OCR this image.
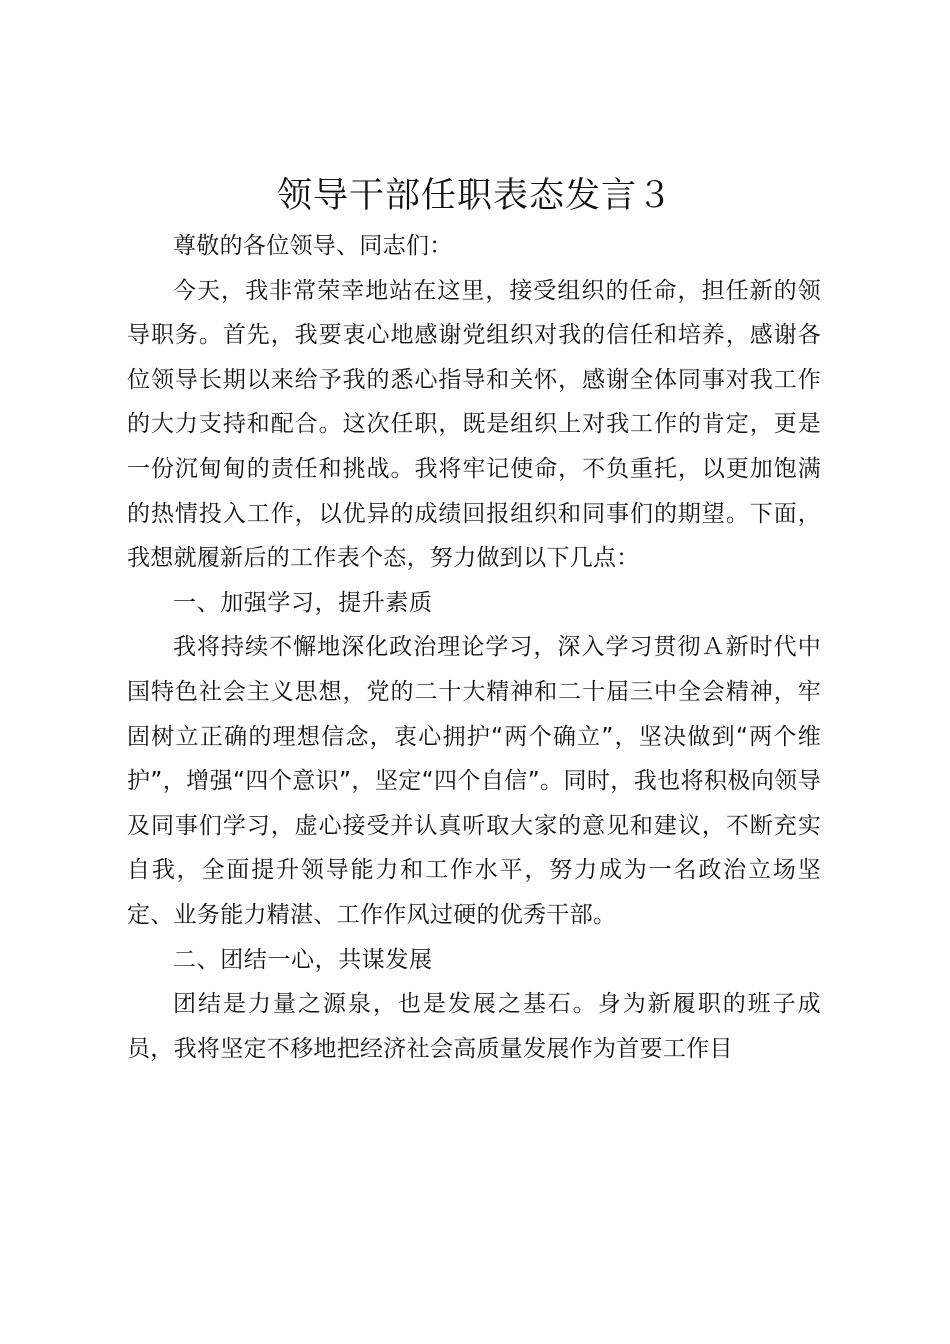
领导干部任职表态发言３

尊敬的各位领导、同志们：

今天，我非常荣幸地站在这里，接受组织的任命，担任新的领导职务。首先，我要衷心地感谢党组织对我的信任和培养，感谢各位领导长期以来给予我的悉心指导和关怀，感谢全体同事对我工作的大力支持和配合。这次任职，既是组织上对我工作的肯定，更是一份沉甸甸的责任和挑战。我将牢记使命，不负重托，以更加饱满的热情投入工作，以优异的成绩回报组织和同事们的期望。下面，我想就履新后的工作表个态，努力做到以下几点：

一、加强学习，提升素质

我将持续不懈地深化政治理论学习，深入学习贯彻Ａ新时代中国特色社会主义思想，党的二十大精神和二十届三中全会精神，牢固树立正确的理想信念，衷心拥护“两个确立”，坚决做到“两个维护”，增强“四个意识”，坚定“四个自信”。同时，我也将积极向领导及同事们学习，虚心接受并认真听取大家的意见和建议，不断充实自我，全面提升领导能力和工作水平，努力成为一名政治立场坚定、业务能力精湛、工作作风过硬的优秀干部。

二、团结一心，共谋发展

团结是力量之源泉，也是发展之基石。身为新履职的班子成员，我将坚定不移地把经济社会高质量发展作为首要工作目
